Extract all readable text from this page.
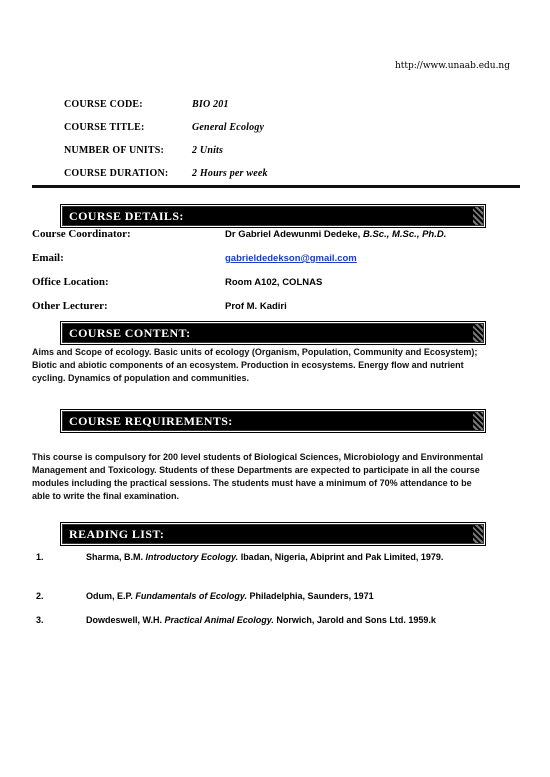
http://www.unaab.edu.ng
COURSE CODE:	BIO 201
COURSE TITLE:	General Ecology
NUMBER OF UNITS:	2 Units
COURSE DURATION: 2 Hours per week
COURSE DETAILS:
Course Coordinator:	Dr Gabriel Adewunmi Dedeke, B.Sc., M.Sc., Ph.D.
Email:	gabrieldedekson@gmail.com
Office Location:	Room A102, COLNAS
Other Lecturer:	Prof M. Kadiri
COURSE CONTENT:
Aims and Scope of ecology. Basic units of ecology (Organism, Population, Community and Ecosystem); Biotic and abiotic components of an ecosystem. Production in ecosystems. Energy flow and nutrient cycling. Dynamics of population and communities.
COURSE REQUIREMENTS:
This course is compulsory for 200 level students of Biological Sciences, Microbiology and Environmental Management and Toxicology. Students of these Departments are expected to participate in all the course modules including the practical sessions. The students must have a minimum of 70% attendance to be able to write the final examination.
READING LIST:
1.	Sharma, B.M. Introductory Ecology. Ibadan, Nigeria, Abiprint and Pak Limited, 1979.
2.	Odum, E.P. Fundamentals of Ecology. Philadelphia, Saunders, 1971
3.	Dowdeswell, W.H. Practical Animal Ecology. Norwich, Jarold and Sons Ltd. 1959.k
